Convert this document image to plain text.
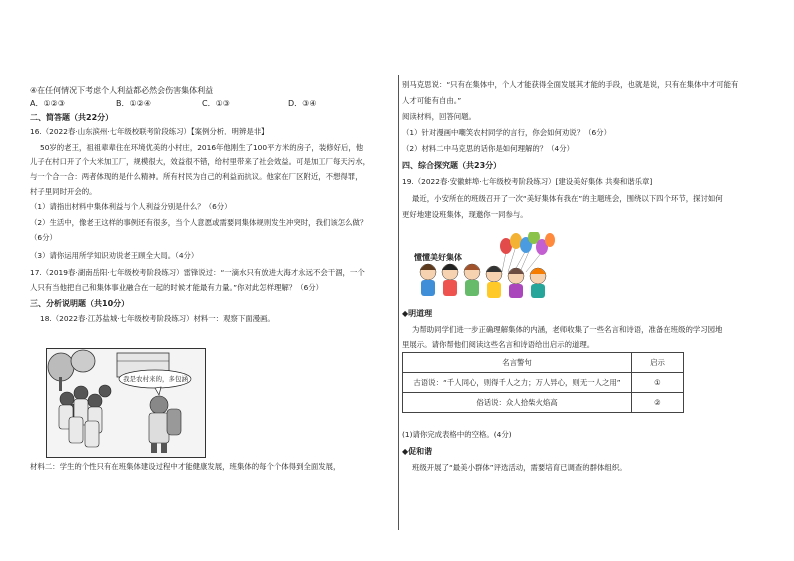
④在任何情况下考虑个人利益都必然会伤害集体利益
A．①②③	B．①②④	C．①③	D．③④
二、简答题（共22分）
16.（2022春·山东滨州·七年级校联考阶段练习）【案例分析．明辨是非】
50岁的老王，祖祖辈辈住在环境优美的小村庄，2016年他刚生了100平方米的房子，装修好后，他
儿子在村口开了个大米加工厂，规模很大，效益很不错，给村里带来了社会效益。可是加工厂每天污水，
与一个合一合：两者体现的是什么精神。所有村民为自己的利益而抗议。他家在厂区附近，不想得罪，
村子里同时开会的。
（1）请指出材料中集体利益与个人利益分别是什么？（6分）
（2）生活中，像老王这样的事例还有很多，当个人意愿或需要同集体规则发生冲突时，我们该怎么做？
（6分）
（3）请你运用所学知识劝说老王顾全大局。（4分）
17.（2019春·湖南岳阳·七年级校考阶段练习）雷锋说过：“一滴水只有放进大海才永远不会干涸，一个
人只有当他把自己和集体事业融合在一起的时候才能最有力量。”你对此怎样理解？（6分）
三、分析说明题（共10分）
18.（2022春·江苏盐城·七年级校考阶段练习）材料一：观察下面漫画。
我是农村来的，多包涵
材料二：学生的个性只有在班集体建设过程中才能健康发展，班集体的每个个体得到全面发展，
别马克思说：“只有在集体中，个人才能获得全面发展其才能的手段，也就是说，只有在集体中才可能有
人才可能有自由。”
阅读材料，回答问题。
（1）针对漫画中嘲笑农村同学的言行，你会如何劝说？（6分）
（2）材料二中马克思的话你是如何理解的？（4分）
四、综合探究题（共23分）
19.（2022春·安徽蚌埠·七年级校考阶段练习）[建设美好集体 共奏和谐乐章]
最近，小安所在的班级召开了一次“美好集体有我在”的主题班会，围绕以下四个环节，探讨如何
更好地建设班集体，现邀你一同参与。
懂懂美好集体
◆明道理
为帮助同学们进一步正确理解集体的内涵，老师收集了一些名言和诗语，准备在班级的学习园地
里展示。请你帮他们阅读这些名言和诗语给出启示的道理。
名言警句	启示
古语说：“千人同心，则得千人之力；万人异心，则无一人之用”	①
俗话说：众人拾柴火焰高	②
(1)请你完成表格中的空格。(4分)
◆促和谐
班级开展了“最美小群体”评选活动，需要培育已调查的群体组织。
